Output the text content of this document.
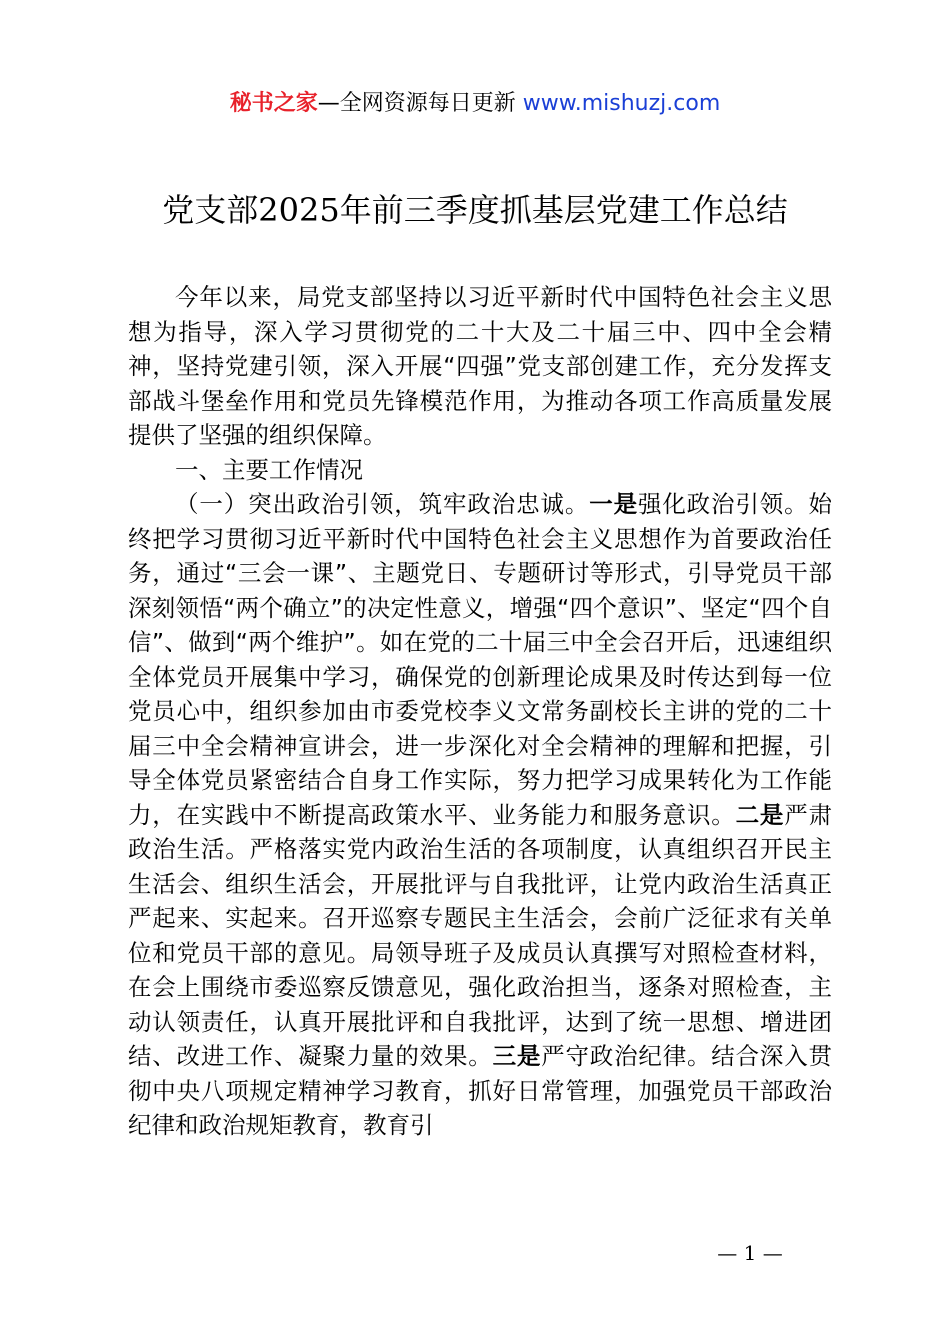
秘书之家—全网资源每日更新 www.mishuzj.com
党支部2025年前三季度抓基层党建工作总结

今年以来，局党支部坚持以习近平新时代中国特色社会主义思想为指导，深入学习贯彻党的二十大及二十届三中、四中全会精神，坚持党建引领，深入开展“四强”党支部创建工作，充分发挥支部战斗堡垒作用和党员先锋模范作用，为推动各项工作高质量发展提供了坚强的组织保障。

一、主要工作情况

（一）突出政治引领，筑牢政治忠诚。一是强化政治引领。始终把学习贯彻习近平新时代中国特色社会主义思想作为首要政治任务，通过“三会一课”、主题党日、专题研讨等形式，引导党员干部深刻领悟“两个确立”的决定性意义，增强“四个意识”、坚定“四个自信”、做到“两个维护”。如在党的二十届三中全会召开后，迅速组织全体党员开展集中学习，确保党的创新理论成果及时传达到每一位党员心中，组织参加由市委党校李义文常务副校长主讲的党的二十届三中全会精神宣讲会，进一步深化对全会精神的理解和把握，引导全体党员紧密结合自身工作实际，努力把学习成果转化为工作能力，在实践中不断提高政策水平、业务能力和服务意识。二是严肃政治生活。严格落实党内政治生活的各项制度，认真组织召开民主生活会、组织生活会，开展批评与自我批评，让党内政治生活真正严起来、实起来。召开巡察专题民主生活会，会前广泛征求有关单位和党员干部的意见。局领导班子及成员认真撰写对照检查材料，在会上围绕市委巡察反馈意见，强化政治担当，逐条对照检查，主动认领责任，认真开展批评和自我批评，达到了统一思想、增进团结、改进工作、凝聚力量的效果。三是严守政治纪律。结合深入贯彻中央八项规定精神学习教育，抓好日常管理，加强党员干部政治纪律和政治规矩教育，教育引

— 1 —
